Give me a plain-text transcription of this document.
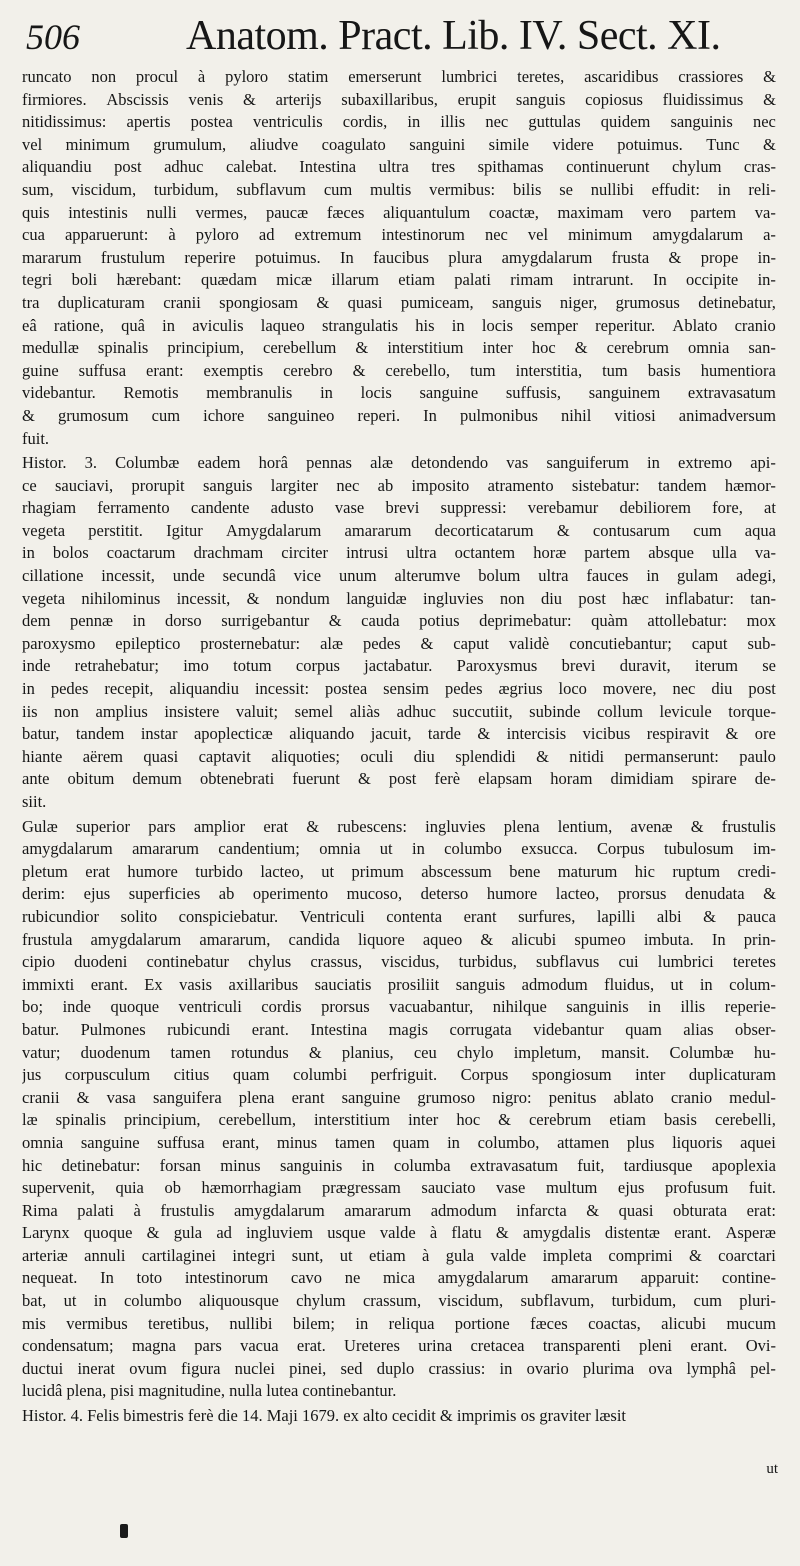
506	Anatom. Pract. Lib. IV. Sect. XI.
runcato non procul à pyloro statim emerserunt lumbrici teretes, ascaridibus crassiores &
firmiores. Abscissis venis & arterijs subaxillaribus, erupit sanguis copiosus fluidissimus &
nitidissimus: apertis postea ventriculis cordis, in illis nec guttulas quidem sanguinis nec
vel minimum grumulum, aliudve coagulato sanguini simile videre potuimus. Tunc &
aliquandiu post adhuc calebat. Intestina ultra tres spithamas continuerunt chylum cras-
sum, viscidum, turbidum, subflavum cum multis vermibus: bilis se nullibi effudit: in reli-
quis intestinis nulli vermes, paucæ fæces aliquantulum coactæ, maximam vero partem va-
cua apparuerunt: à pyloro ad extremum intestinorum nec vel minimum amygdalarum a-
mararum frustulum reperire potuimus. In faucibus plura amygdalarum frusta & prope in-
tegri boli hærebant: quædam micæ illarum etiam palati rimam intrarunt. In occipite in-
tra duplicaturam cranii spongiosam & quasi pumiceam, sanguis niger, grumosus detinebatur,
eâ ratione, quâ in aviculis laqueo strangulatis his in locis semper reperitur. Ablato cranio
medullæ spinalis principium, cerebellum & interstitium inter hoc & cerebrum omnia san-
guine suffusa erant: exemptis cerebro & cerebello, tum interstitia, tum basis humentiora
videbantur. Remotis membranulis in locis sanguine suffusis, sanguinem extravasatum
& grumosum cum ichore sanguineo reperi. In pulmonibus nihil vitiosi animadversum
fuit.
Histor. 3. Columbæ eadem horâ pennas alæ detondendo vas sanguiferum in extremo api-
ce sauciavi, prorupit sanguis largiter nec ab imposito atramento sistebatur: tandem hæmor-
rhagiam ferramento candente adusto vase brevi suppressi: verebamur debiliorem fore, at
vegeta perstitit. Igitur Amygdalarum amararum decorticatarum & contusarum cum aqua
in bolos coactarum drachmam circiter intrusi ultra octantem horæ partem absque ulla va-
cillatione incessit, unde secundâ vice unum alterumve bolum ultra fauces in gulam adegi,
vegeta nihilominus incessit, & nondum languidæ ingluvies non diu post hæc inflabatur: tan-
dem pennæ in dorso surrigebantur & cauda potius deprimebatur: quàm attollebatur: mox
paroxysmo epileptico prosternebatur: alæ pedes & caput validè concutiebantur; caput sub-
inde retrahebatur; imo totum corpus jactabatur. Paroxysmus brevi duravit, iterum se
in pedes recepit, aliquandiu incessit: postea sensim pedes ægrius loco movere, nec diu post
iis non amplius insistere valuit; semel aliàs adhuc succutiit, subinde collum levicule torque-
batur, tandem instar apoplecticæ aliquando jacuit, tarde & intercisis vicibus respiravit & ore
hiante aërem quasi captavit aliquoties; oculi diu splendidi & nitidi permanserunt: paulo
ante obitum demum obtenebrati fuerunt & post ferè elapsam horam dimidiam spirare de-
siit.
Gulæ superior pars amplior erat & rubescens: ingluvies plena lentium, avenæ & frustulis
amygdalarum amararum candentium; omnia ut in columbo exsucca. Corpus tubulosum im-
pletum erat humore turbido lacteo, ut primum abscessum bene maturum hic ruptum credi-
derim: ejus superficies ab operimento mucoso, deterso humore lacteo, prorsus denudata &
rubicundior solito conspiciebatur. Ventriculi contenta erant surfures, lapilli albi & pauca
frustula amygdalarum amararum, candida liquore aqueo & alicubi spumeo imbuta. In prin-
cipio duodeni continebatur chylus crassus, viscidus, turbidus, subflavus cui lumbrici teretes
immixti erant. Ex vasis axillaribus sauciatis prosiliit sanguis admodum fluidus, ut in colum-
bo; inde quoque ventriculi cordis prorsus vacuabantur, nihilque sanguinis in illis reperie-
batur. Pulmones rubicundi erant. Intestina magis corrugata videbantur quam alias obser-
vatur; duodenum tamen rotundus & planius, ceu chylo impletum, mansit. Columbæ hu-
jus corpusculum citius quam columbi perfriguit. Corpus spongiosum inter duplicaturam
cranii & vasa sanguifera plena erant sanguine grumoso nigro: penitus ablato cranio medul-
læ spinalis principium, cerebellum, interstitium inter hoc & cerebrum etiam basis cerebelli,
omnia sanguine suffusa erant, minus tamen quam in columbo, attamen plus liquoris aquei
hic detinebatur: forsan minus sanguinis in columba extravasatum fuit, tardiusque apoplexia
supervenit, quia ob hæmorrhagiam prægressam sauciato vase multum ejus profusum fuit.
Rima palati à frustulis amygdalarum amararum admodum infarcta & quasi obturata erat:
Larynx quoque & gula ad ingluviem usque valde à flatu & amygdalis distentæ erant. Asperæ
arteriæ annuli cartilaginei integri sunt, ut etiam à gula valde impleta comprimi & coarctari
nequeat. In toto intestinorum cavo ne mica amygdalarum amararum apparuit: contine-
bat, ut in columbo aliquousque chylum crassum, viscidum, subflavum, turbidum, cum pluri-
mis vermibus teretibus, nullibi bilem; in reliqua portione fæces coactas, alicubi mucum
condensatum; magna pars vacua erat. Ureteres urina cretacea transparenti pleni erant. Ovi-
ductui inerat ovum figura nuclei pinei, sed duplo crassius: in ovario plurima ova lymphâ pel-
lucidâ plena, pisi magnitudine, nulla lutea continebantur.
Histor. 4. Felis bimestris ferè die 14. Maji 1679. ex alto cecidit & imprimis os graviter læsit
ut
